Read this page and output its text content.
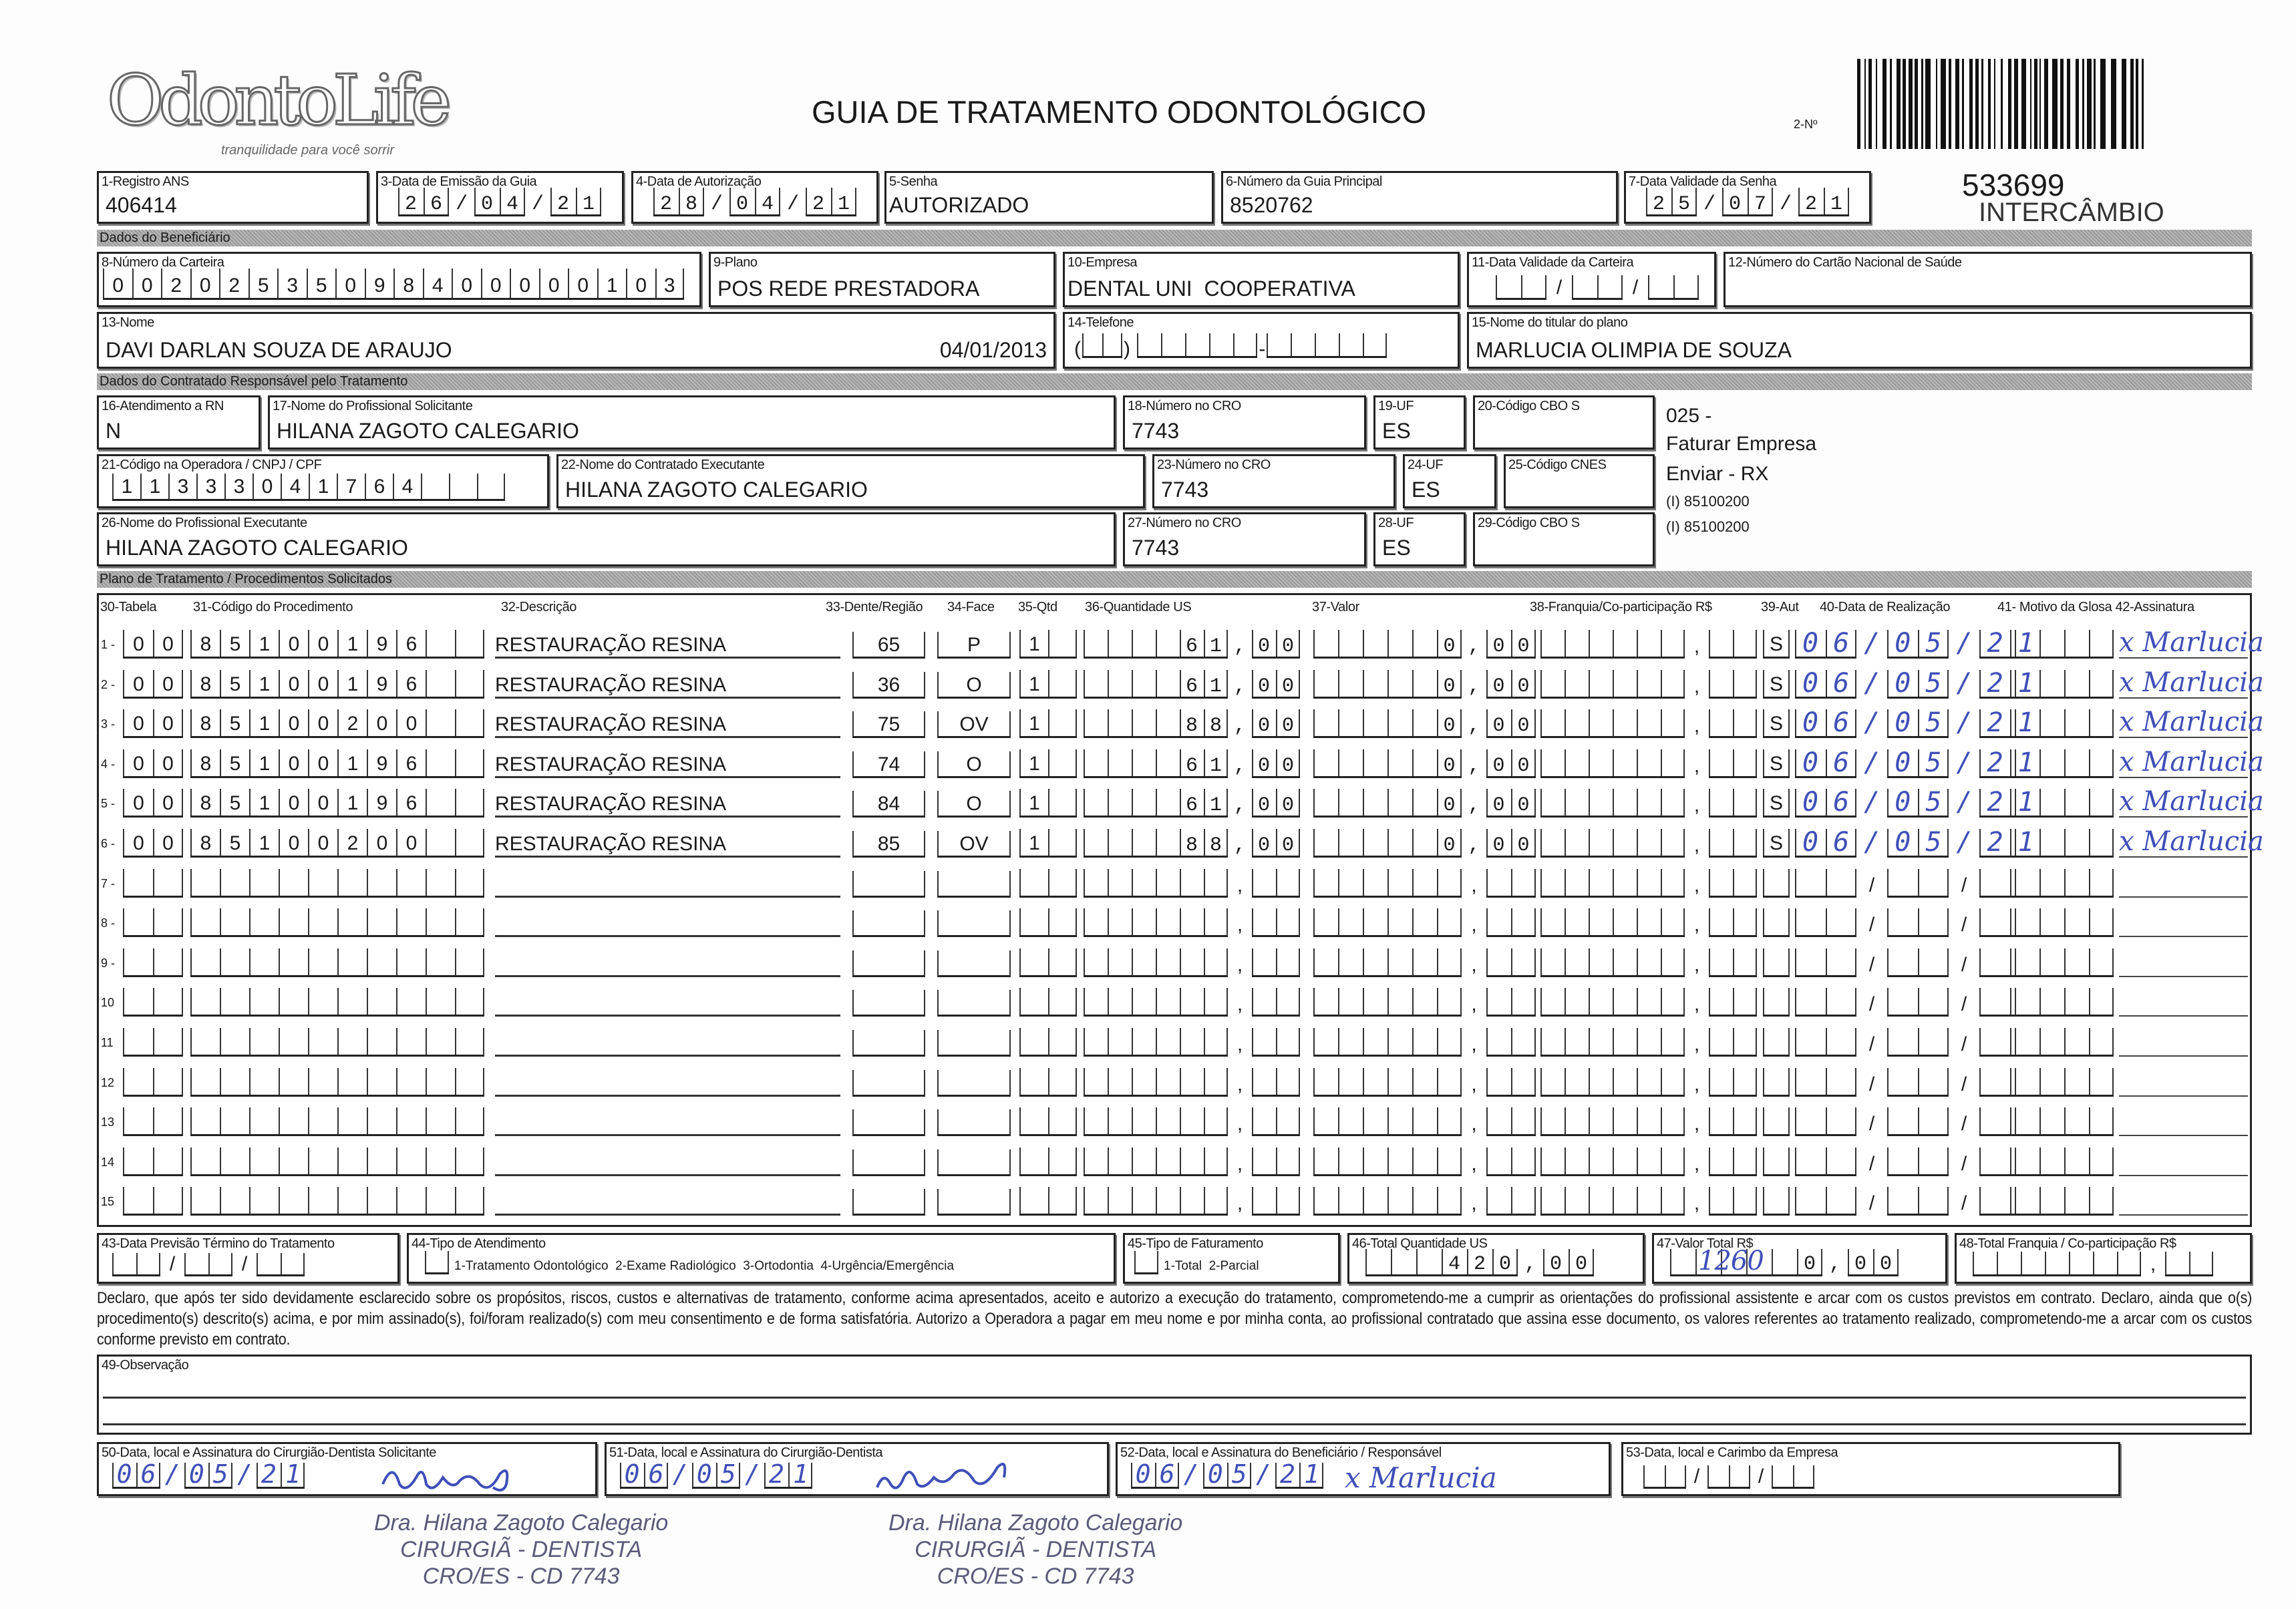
OdontoLife
tranquilidade para você sorrir
GUIA DE TRATAMENTO ODONTOLÓGICO	2-Nº
533699
INTERCÂMBIO
1-Registro ANS
406414
3-Data de Emissão da Guia
26/04/21
4-Data de Autorização
28/04/21
5-Senha
AUTORIZADO
6-Número da Guia Principal
8520762
7-Data Validade da Senha
25/07/21
Dados do Beneficiário
8-Número da Carteira
0 0 2 0 2 5 3 5 0 9 8 4 0 0 0 0 0 1 0 3
9-Plano
POS REDE PRESTADORA
10-Empresa
DENTAL UNI  COOPERATIVA
11-Data Validade da Carteira
/	/
12-Número do Cartão Nacional de Saúde
13-Nome
DAVI DARLAN SOUZA DE ARAUJO	04/01/2013
14-Telefone
( )	-
15-Nome do titular do plano
MARLUCIA OLIMPIA DE SOUZA
Dados do Contratado Responsável pelo Tratamento
16-Atendimento a RN
N
17-Nome do Profissional Solicitante
HILANA ZAGOTO CALEGARIO
18-Número no CRO
7743
19-UF
ES
20-Código CBO S	025 -
Faturar Empresa
21-Código na Operadora / CNPJ / CPF
1 1 3 3 3 0 4 1 7 6 4
22-Nome do Contratado Executante
HILANA ZAGOTO CALEGARIO
23-Número no CRO
7743
24-UF
ES
25-Código CNES	Enviar - RX
(I) 85100200
26-Nome do Profissional Executante
HILANA ZAGOTO CALEGARIO
27-Número no CRO
7743
28-UF
ES
29-Código CBO S	(I) 85100200
Plano de Tratamento / Procedimentos Solicitados
30-Tabela	31-Código do Procedimento	32-Descrição	33-Dente/Região 34-Face 35-Qtd 36-Quantidade US	37-Valor	38-Franquia/Co-participação R$	39-Aut 40-Data de Realização	41- Motivo da Glosa 42-Assinatura
1 - 0 0	8 5 1 0 0 1 9 6	RESTAURAÇÃO RESINA	65	P	1	61,00	0,00	,	S 06/05/21	x Marlucia
2 - 0 0	8 5 1 0 0 1 9 6	RESTAURAÇÃO RESINA	36	O	1	61,00	0,00	,	S 06/05/21	x Marlucia
3 - 0 0	8 5 1 0 0 2 0 0	RESTAURAÇÃO RESINA	75	OV	1	88,00	0,00	,	S 06/05/21	x Marlucia
4 - 0 0	8 5 1 0 0 1 9 6	RESTAURAÇÃO RESINA	74	O	1	61,00	0,00	,	S 06/05/21	x Marlucia
5 - 0 0	8 5 1 0 0 1 9 6	RESTAURAÇÃO RESINA	84	O	1	61,00	0,00	,	S 06/05/21	x Marlucia
6 - 0 0	8 5 1 0 0 2 0 0	RESTAURAÇÃO RESINA	85	OV	1	88,00	0,00	,	S 06/05/21	x Marlucia
7 -	,	,	,	/	/
8 -	,	,	,	/	/
9 -	,	,	,	/	/
10	,	,	,	/	/
11	,	,	,	/	/
12	,	,	,	/	/
13	,	,	,	/	/
14	,	,	,	/	/
15	,	,	,	/	/
43-Data Previsão Término do Tratamento
/	/
44-Tipo de Atendimento
1-Tratamento Odontológico  2-Exame Radiológico  3-Ortodontia  4-Urgência/Emergência
45-Tipo de Faturamento
1-Total  2-Parcial
46-Total Quantidade US
420,00
47-Valor Total R$
0,00
1260
48-Total Franquia / Co-participação R$
,
Declaro, que após ter sido devidamente esclarecido sobre os propósitos, riscos, custos e alternativas de tratamento, conforme acima apresentados, aceito e autorizo a execução do tratamento, comprometendo-me a cumprir as orientações do profissional assistente e arcar com os custos previstos em contrato. Declaro, ainda que o(s) procedimento(s) descrito(s) acima, e por mim assinado(s), foi/foram realizado(s) com meu consentimento e de forma satisfatória. Autorizo a Operadora a pagar em meu nome e por minha conta, ao profissional contratado que assina esse documento, os valores referentes ao tratamento realizado, comprometendo-me a arcar com os custos conforme previsto em contrato.
49-Observação
50-Data, local e Assinatura do Cirurgião-Dentista Solicitante
06/05/21
51-Data, local e Assinatura do Cirurgião-Dentista
06/05/21
52-Data, local e Assinatura do Beneficiário / Responsável
06/05/21 x Marlucia
53-Data, local e Carimbo da Empresa
/	/
Dra. Hilana Zagoto Calegario
CIRURGIÃ - DENTISTA
CRO/ES - CD 7743
Dra. Hilana Zagoto Calegario
CIRURGIÃ - DENTISTA
CRO/ES - CD 7743
